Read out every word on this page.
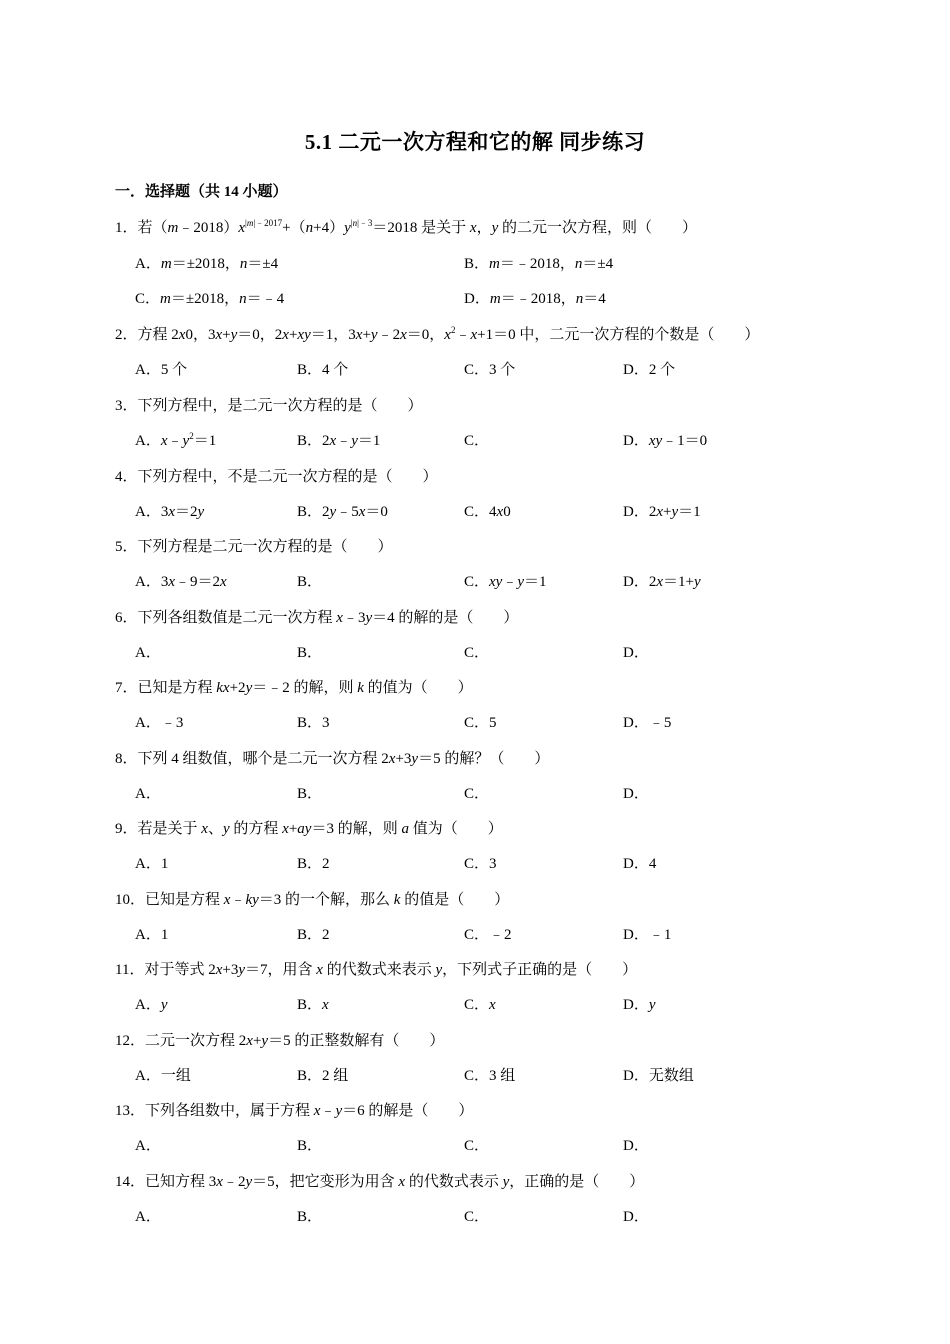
5.1 二元一次方程和它的解 同步练习
一．选择题（共 14 小题）
1．若$(m﹣2018)x^{|m|﹣2017}+(n+4)y^{|n|﹣3}=2018$ 是关于 x，y 的二元一次方程，则（　　）
A．m＝±2018，n＝±4	B．m＝﹣2018，n＝±4
C．m＝±2018，n＝﹣4	D．m＝﹣2018，n＝4
2．方程 2x0，3x+y＝0，2x+xy＝1，3x+y﹣2x＝0，$x^2﹣x+1=0$ 中，二元一次方程的个数是（　　）
A．5 个	B．4 个	C．3 个	D．2 个
3．下列方程中，是二元一次方程的是（　　）
A．$x﹣y^2=1$	B．2x﹣y＝1	C．	D．xy﹣1＝0
4．下列方程中，不是二元一次方程的是（　　）
A．3x＝2y	B．2y﹣5x＝0	C．4x0	D．2x+y＝1
5．下列方程是二元一次方程的是（　　）
A．3x﹣9＝2x	B．	C．xy﹣y＝1	D．2x＝1+y
6．下列各组数值是二元一次方程 x﹣3y＝4 的解的是（　　）
A．	B．	C．	D．
7．已知是方程 kx+2y＝﹣2 的解，则 k 的值为（　　）
A．﹣3	B．3	C．5	D．﹣5
8．下列 4 组数值，哪个是二元一次方程 2x+3y＝5 的解？（　　）
A．	B．	C．	D．
9．若是关于 x、y 的方程 x+ay＝3 的解，则 a 值为（　　）
A．1	B．2	C．3	D．4
10．已知是方程 x﹣ky＝3 的一个解，那么 k 的值是（　　）
A．1	B．2	C．﹣2	D．﹣1
11．对于等式 2x+3y＝7，用含 x 的代数式来表示 y，下列式子正确的是（　　）
A．y	B．x	C．x	D．y
12．二元一次方程 2x+y＝5 的正整数解有（　　）
A．一组	B．2 组	C．3 组	D．无数组
13．下列各组数中，属于方程 x﹣y＝6 的解是（　　）
A．	B．	C．	D．
14．已知方程 3x﹣2y＝5，把它变形为用含 x 的代数式表示 y，正确的是（　　）
A．	B．	C．	D．
